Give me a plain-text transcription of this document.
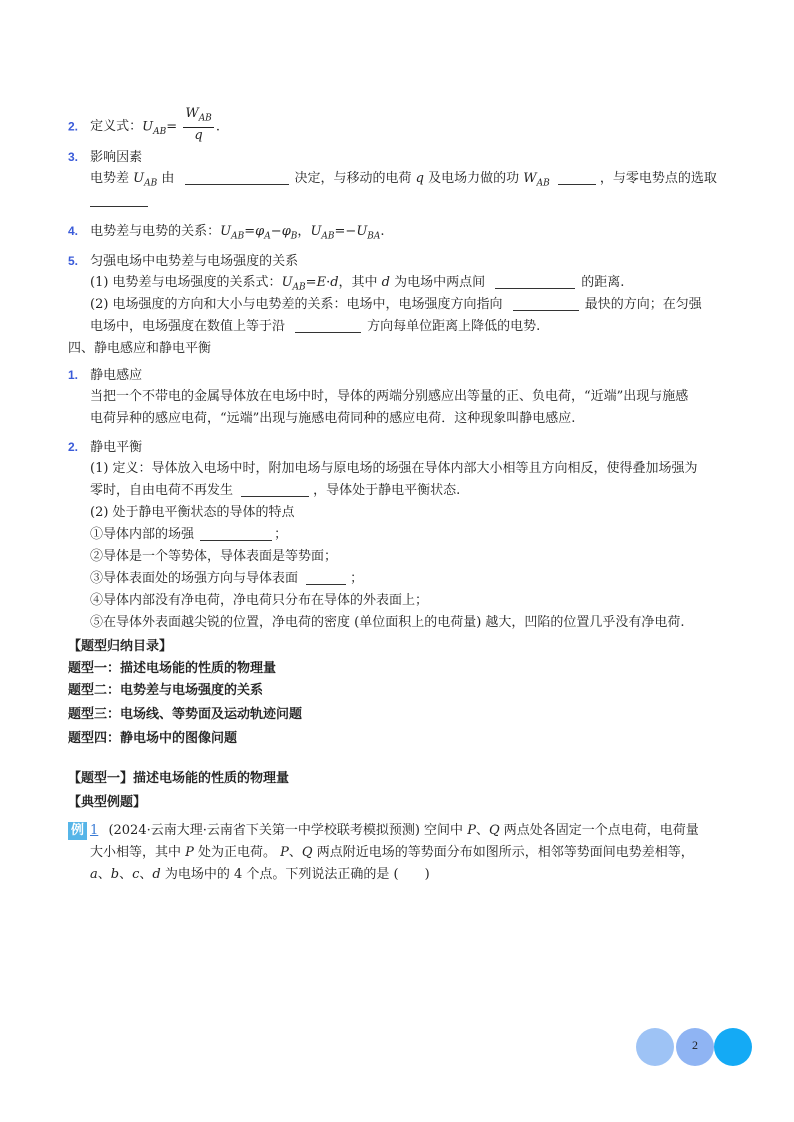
2. 定义式：$U_{AB}= \frac{W_{AB}}{q}$ .
3. 影响因素
电势差 $U_{AB}$ 由	决定，与移动的电荷 q 及电场力做的功 $W_{AB}$	，与零电势点的选取
4. 电势差与电势的关系：$U_{AB}=\varphi_A-\varphi_B$，$U_{AB}=-U_{BA}$.
5. 匀强电场中电势差与电场强度的关系
(1) 电势差与电场强度的关系式：$U_{AB}=E\cdot d$，其中 d 为电场中两点间	的距离.
(2) 电场强度的方向和大小与电势差的关系：电场中，电场强度方向指向	最快的方向；在匀强
电场中，电场强度在数值上等于沿	方向每单位距离上降低的电势.
四、静电感应和静电平衡
1. 静电感应
当把一个不带电的金属导体放在电场中时，导体的两端分别感应出等量的正、负电荷，“近端”出现与施感
电荷异种的感应电荷，“远端”出现与施感电荷同种的感应电荷．这种现象叫静电感应.
2. 静电平衡
(1) 定义：导体放入电场中时，附加电场与原电场的场强在导体内部大小相等且方向相反，使得叠加场强为
零时，自由电荷不再发生	，导体处于静电平衡状态.
(2) 处于静电平衡状态的导体的特点
①导体内部的场强	；
②导体是一个等势体，导体表面是等势面；
③导体表面处的场强方向与导体表面	；
④导体内部没有净电荷，净电荷只分布在导体的外表面上；
⑤在导体外表面越尖锐的位置，净电荷的密度 (单位面积上的电荷量) 越大，凹陷的位置几乎没有净电荷.
【题型归纳目录】
题型一：描述电场能的性质的物理量
题型二：电势差与电场强度的关系
题型三：电场线、等势面及运动轨迹问题
题型四：静电场中的图像问题
【题型一】描述电场能的性质的物理量
【典型例题】
例 1 (2024·云南大理·云南省下关第一中学校联考模拟预测) 空间中 P、Q 两点处各固定一个点电荷，电荷量
大小相等，其中 P 处为正电荷。 P、Q 两点附近电场的等势面分布如图所示，相邻等势面间电势差相等，
a、b、c、d 为电场中的 4 个点。下列说法正确的是 (　　)
2
